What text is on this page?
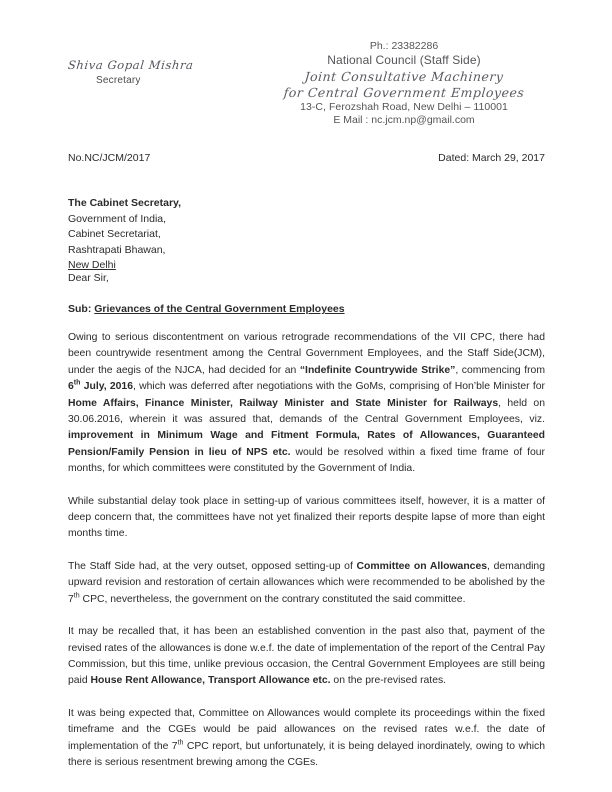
Shiva Gopal Mishra
Secretary
Ph.: 23382286
National Council (Staff Side)
Joint Consultative Machinery
for Central Government Employees
13-C, Ferozshah Road, New Delhi – 110001
E Mail : nc.jcm.np@gmail.com
No.NC/JCM/2017	Dated: March 29, 2017
The Cabinet Secretary,
Government of India,
Cabinet Secretariat,
Rashtrapati Bhawan,
New Delhi
Dear Sir,
Sub: Grievances of the Central Government Employees

Owing to serious discontentment on various retrograde recommendations of the VII CPC, there had been countrywide resentment among the Central Government Employees, and the Staff Side(JCM), under the aegis of the NJCA, had decided for an “Indefinite Countrywide Strike”, commencing from 6th July, 2016, which was deferred after negotiations with the GoMs, comprising of Hon’ble Minister for Home Affairs, Finance Minister, Railway Minister and State Minister for Railways, held on 30.06.2016, wherein it was assured that, demands of the Central Government Employees, viz. improvement in Minimum Wage and Fitment Formula, Rates of Allowances, Guaranteed Pension/Family Pension in lieu of NPS etc. would be resolved within a fixed time frame of four months, for which committees were constituted by the Government of India.

While substantial delay took place in setting-up of various committees itself, however, it is a matter of deep concern that, the committees have not yet finalized their reports despite lapse of more than eight months time.

The Staff Side had, at the very outset, opposed setting-up of Committee on Allowances, demanding upward revision and restoration of certain allowances which were recommended to be abolished by the 7th CPC, nevertheless, the government on the contrary constituted the said committee.

It may be recalled that, it has been an established convention in the past also that, payment of the revised rates of the allowances is done w.e.f. the date of implementation of the report of the Central Pay Commission, but this time, unlike previous occasion, the Central Government Employees are still being paid House Rent Allowance, Transport Allowance etc. on the pre-revised rates.

It was being expected that, Committee on Allowances would complete its proceedings within the fixed timeframe and the CGEs would be paid allowances on the revised rates w.e.f. the date of implementation of the 7th CPC report, but unfortunately, it is being delayed inordinately, owing to which there is serious resentment brewing among the CGEs.
